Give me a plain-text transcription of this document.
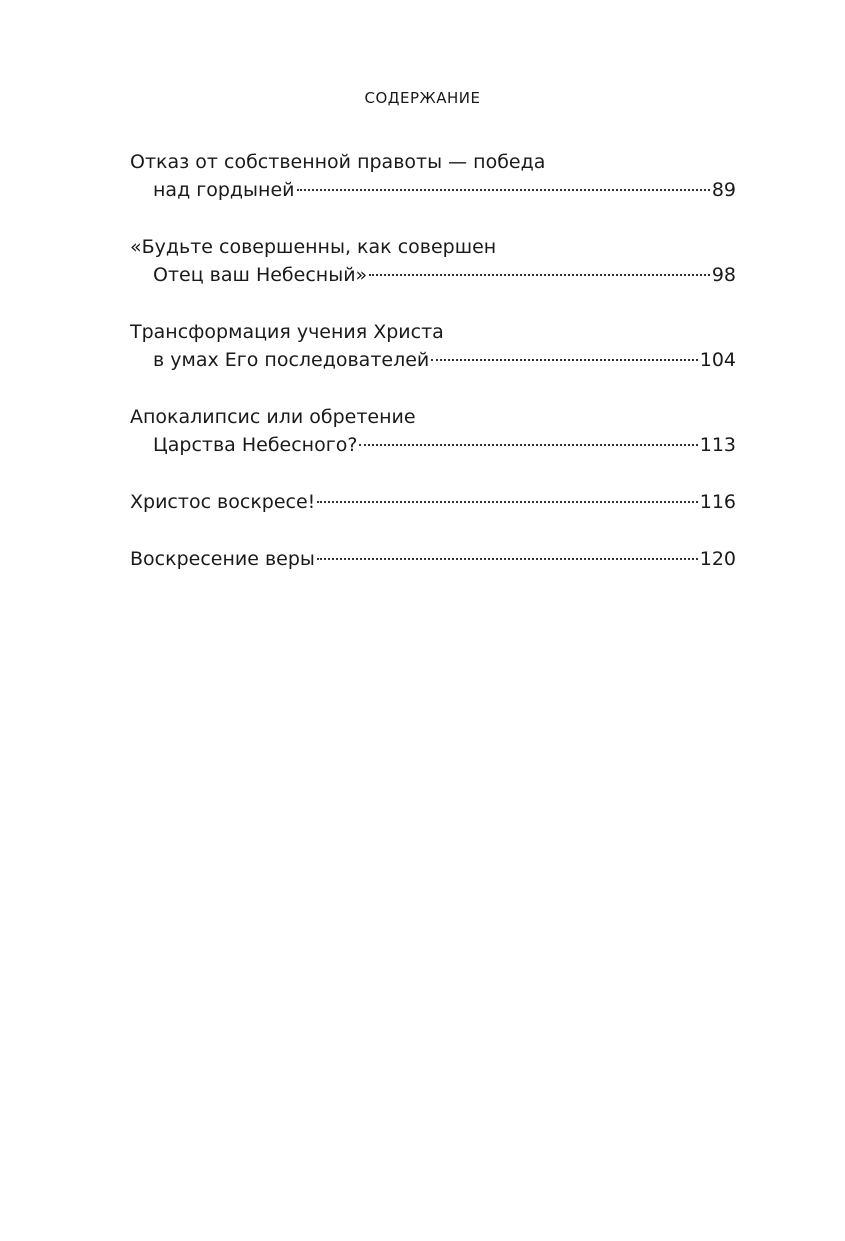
СОДЕРЖАНИЕ
Отказ от собственной правоты — победа
над гордыней	89
«Будьте совершенны, как совершен
Отец ваш Небесный»	98
Трансформация учения Христа
в умах Его последователей	104
Апокалипсис или обретение
Царства Небесного?	113
Христос воскресе!	116
Воскресение веры	120
